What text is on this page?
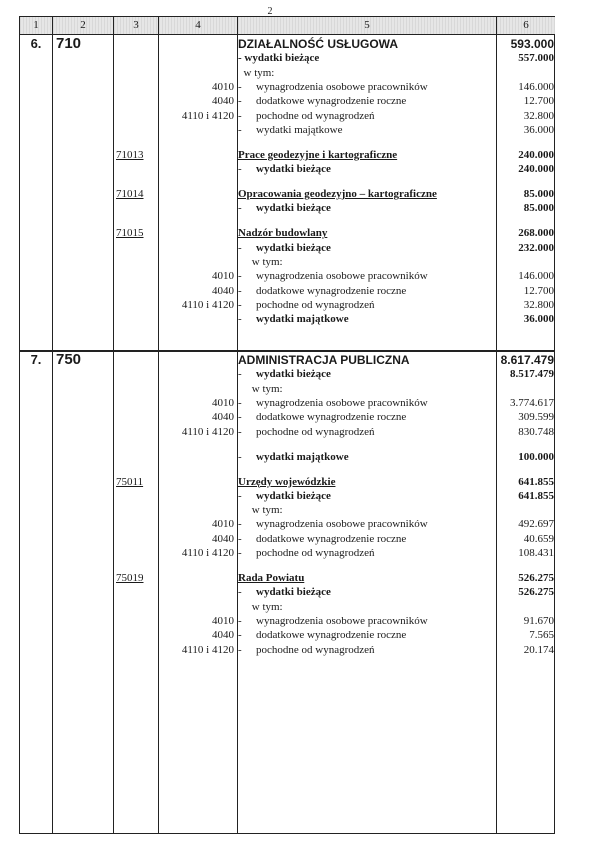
2
1	2	3	4	5	6
6. 710	DZIAŁALNOŚĆ USŁUGOWA	593.000
- wydatki bieżące	557.000
w tym:
4010 - wynagrodzenia osobowe pracowników	146.000
4040 - dodatkowe wynagrodzenie roczne	12.700
4110 i 4120 - pochodne od wynagrodzeń	32.800
- wydatki majątkowe	36.000
71013	Prace geodezyjne i kartograficzne	240.000
- wydatki bieżące	240.000
71014	Opracowania geodezyjno – kartograficzne	85.000
- wydatki bieżące	85.000
71015	Nadzór budowlany	268.000
- wydatki bieżące	232.000
w tym:
4010 - wynagrodzenia osobowe pracowników	146.000
4040 - dodatkowe wynagrodzenie roczne	12.700
4110 i 4120 - pochodne od wynagrodzeń	32.800
- wydatki majątkowe	36.000
7. 750	ADMINISTRACJA PUBLICZNA	8.617.479
- wydatki bieżące	8.517.479
w tym:
4010 - wynagrodzenia osobowe pracowników	3.774.617
4040 - dodatkowe wynagrodzenie roczne	309.599
4110 i 4120 - pochodne od wynagrodzeń	830.748
- wydatki majątkowe	100.000
75011	Urzędy wojewódzkie	641.855
- wydatki bieżące	641.855
w tym:
4010 - wynagrodzenia osobowe pracowników	492.697
4040 - dodatkowe wynagrodzenie roczne	40.659
4110 i 4120 - pochodne od wynagrodzeń	108.431
75019	Rada Powiatu	526.275
- wydatki bieżące	526.275
w tym:
4010 - wynagrodzenia osobowe pracowników	91.670
4040 - dodatkowe wynagrodzenie roczne	7.565
4110 i 4120 - pochodne od wynagrodzeń	20.174
